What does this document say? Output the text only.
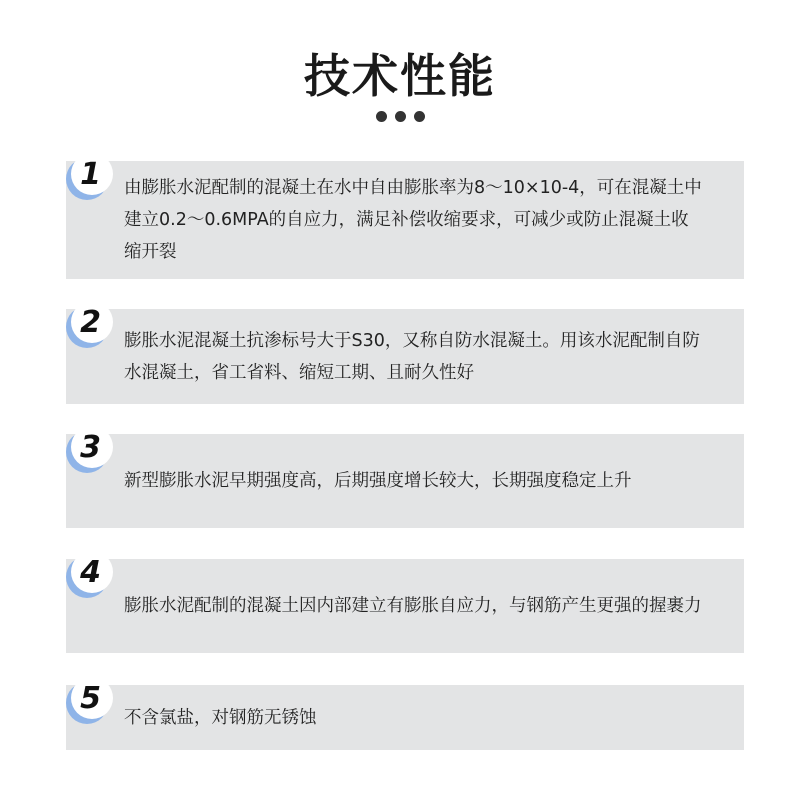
技术性能
1 由膨胀水泥配制的混凝土在水中自由膨胀率为8～10×10-4，可在混凝土中建立0.2～0.6MPA的自应力，满足补偿收缩要求，可减少或防止混凝土收缩开裂
2
膨胀水泥混凝土抗渗标号大于S30，又称自防水混凝土。用该水泥配制自防水混凝土，省工省料、缩短工期、且耐久性好
3
新型膨胀水泥早期强度高，后期强度增长较大，长期强度稳定上升
4
膨胀水泥配制的混凝土因内部建立有膨胀自应力，与钢筋产生更强的握裹力
5
不含氯盐，对钢筋无锈蚀
